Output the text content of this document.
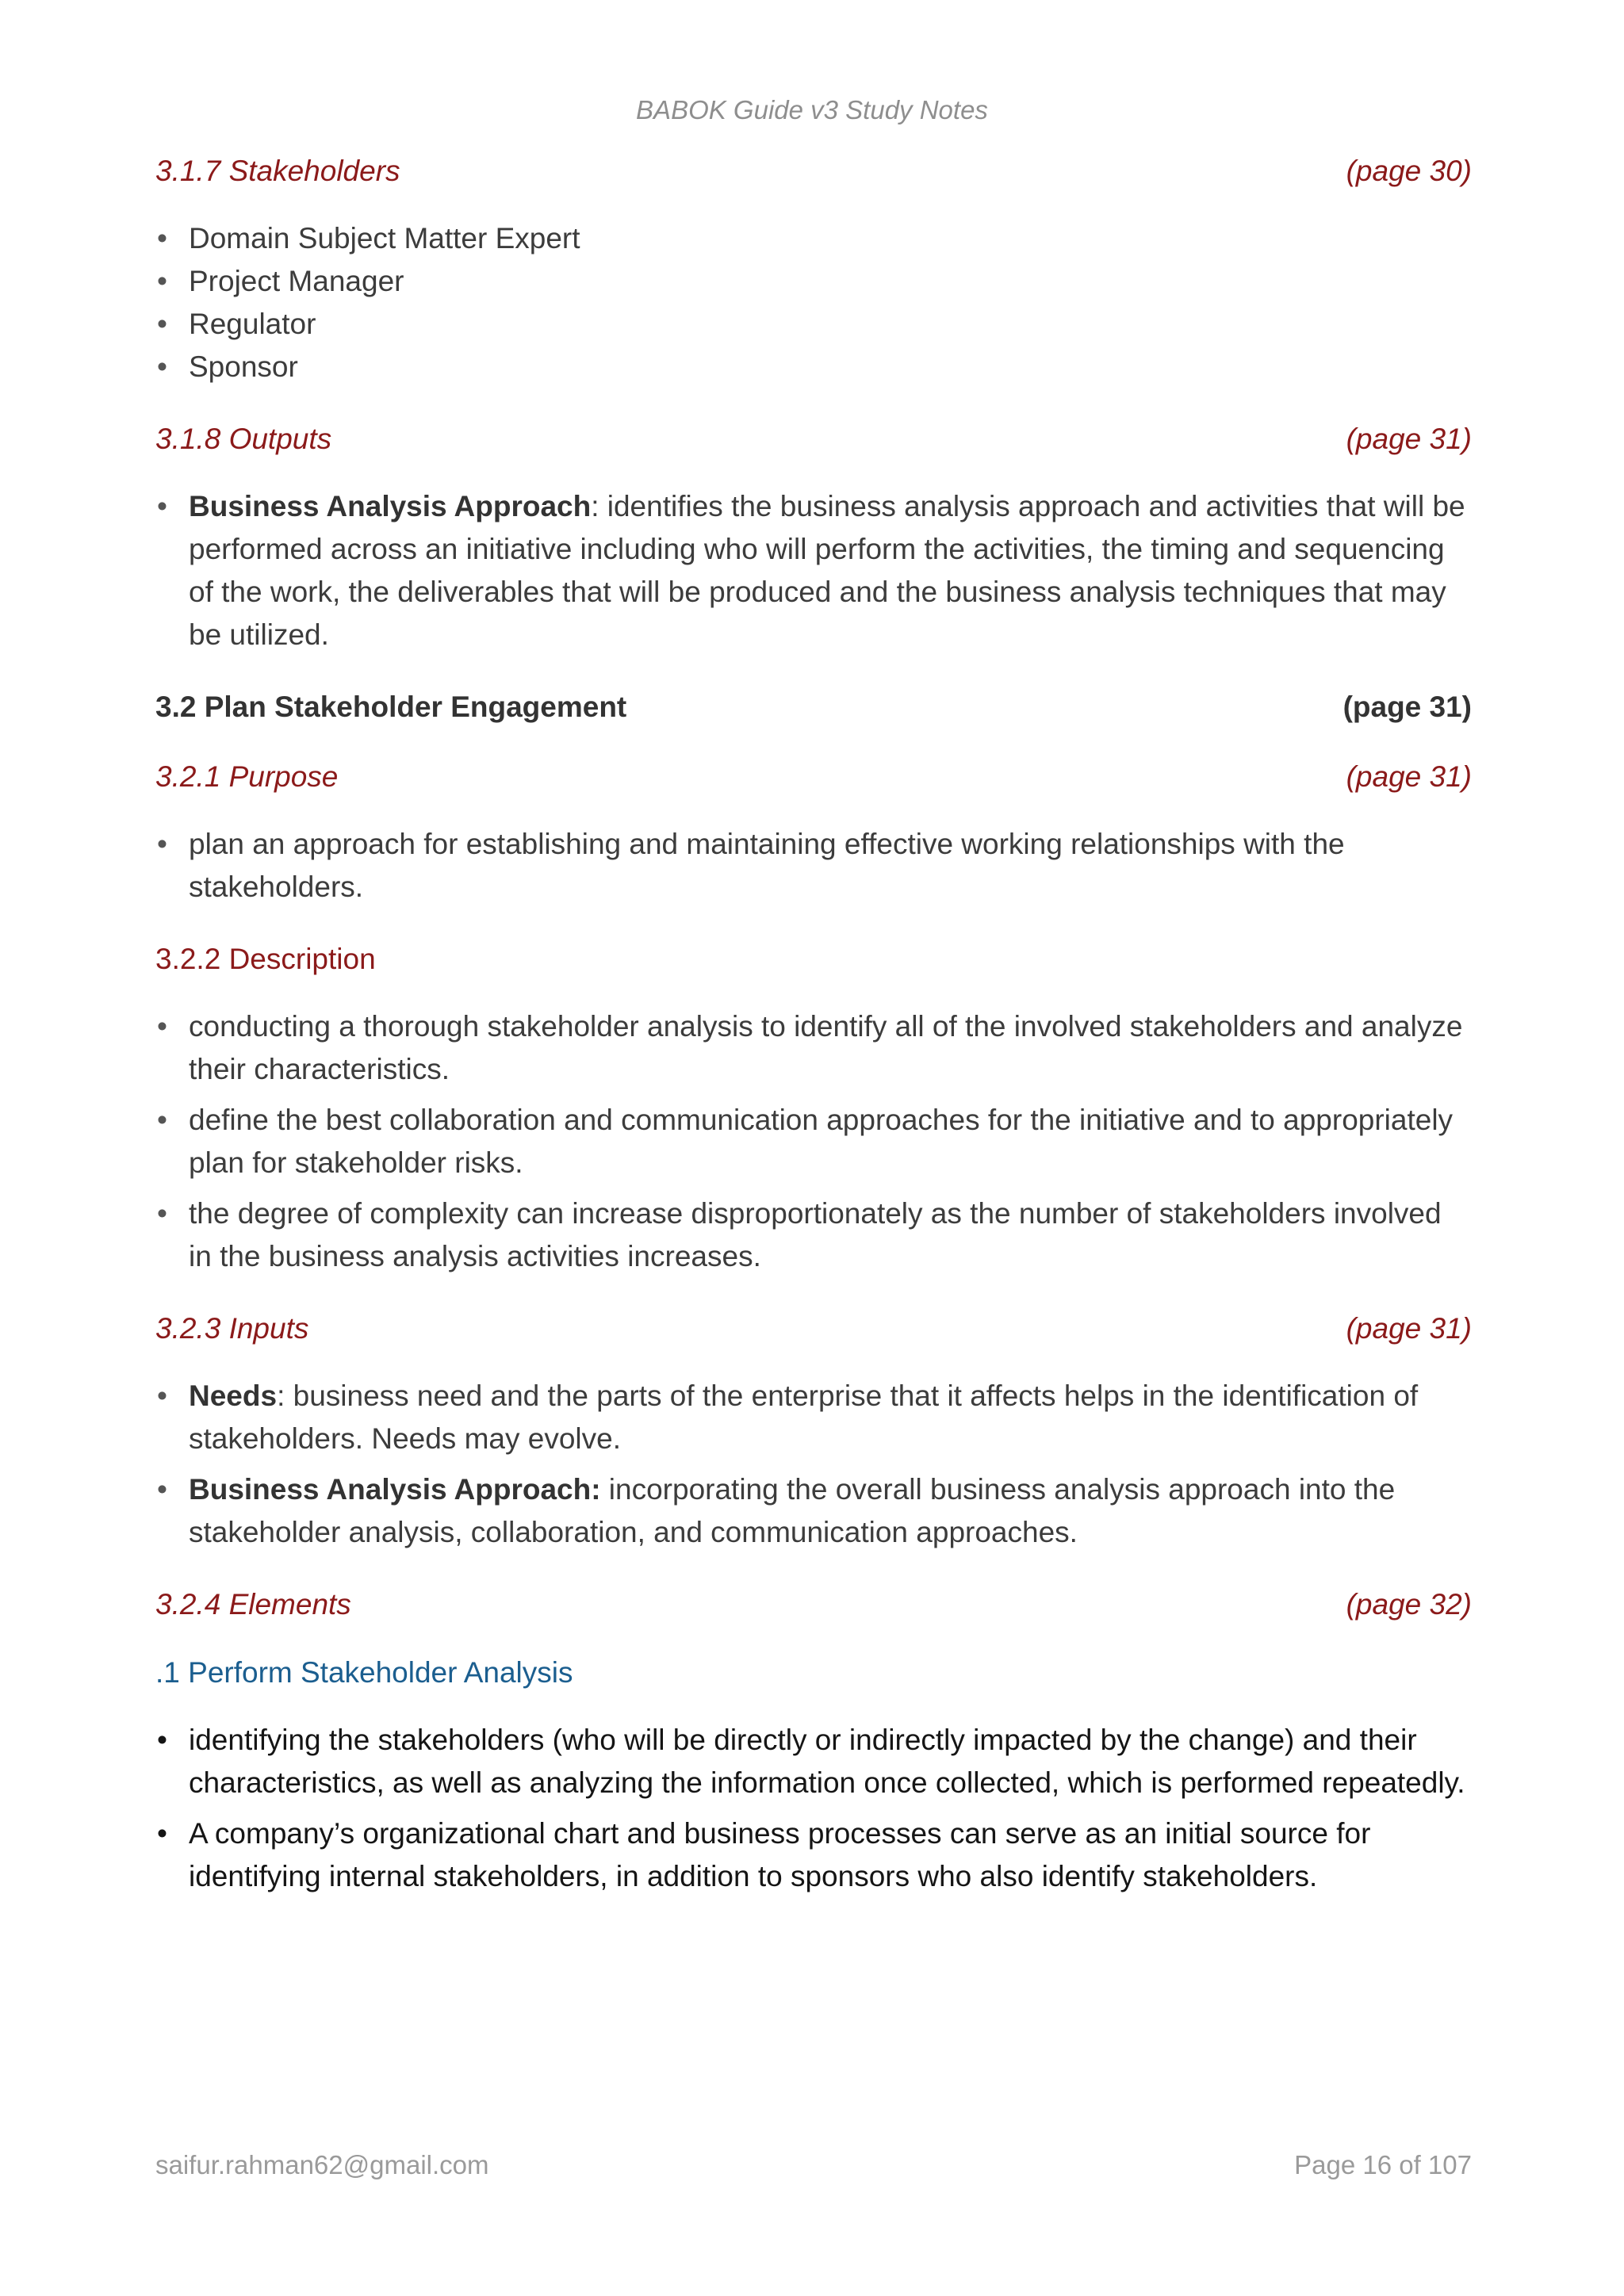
BABOK Guide v3 Study Notes
3.1.7 Stakeholders	(page 30)
• Domain Subject Matter Expert
• Project Manager
• Regulator
• Sponsor
3.1.8 Outputs	(page 31)
• Business Analysis Approach: identifies the business analysis approach and activities that will be performed across an initiative including who will perform the activities, the timing and sequencing of the work, the deliverables that will be produced and the business analysis techniques that may be utilized.
3.2 Plan Stakeholder Engagement	(page 31)
3.2.1 Purpose	(page 31)
• plan an approach for establishing and maintaining effective working relationships with the stakeholders.
3.2.2 Description
• conducting a thorough stakeholder analysis to identify all of the involved stakeholders and analyze their characteristics.
• define the best collaboration and communication approaches for the initiative and to appropriately plan for stakeholder risks.
• the degree of complexity can increase disproportionately as the number of stakeholders involved in the business analysis activities increases.
3.2.3 Inputs	(page 31)
• Needs: business need and the parts of the enterprise that it affects helps in the identification of stakeholders. Needs may evolve.
• Business Analysis Approach: incorporating the overall business analysis approach into the stakeholder analysis, collaboration, and communication approaches.
3.2.4 Elements	(page 32)
.1 Perform Stakeholder Analysis
• identifying the stakeholders (who will be directly or indirectly impacted by the change) and their characteristics, as well as analyzing the information once collected, which is performed repeatedly.
• A company’s organizational chart and business processes can serve as an initial source for identifying internal stakeholders, in addition to sponsors who also identify stakeholders.
saifur.rahman62@gmail.com	Page 16 of 107
